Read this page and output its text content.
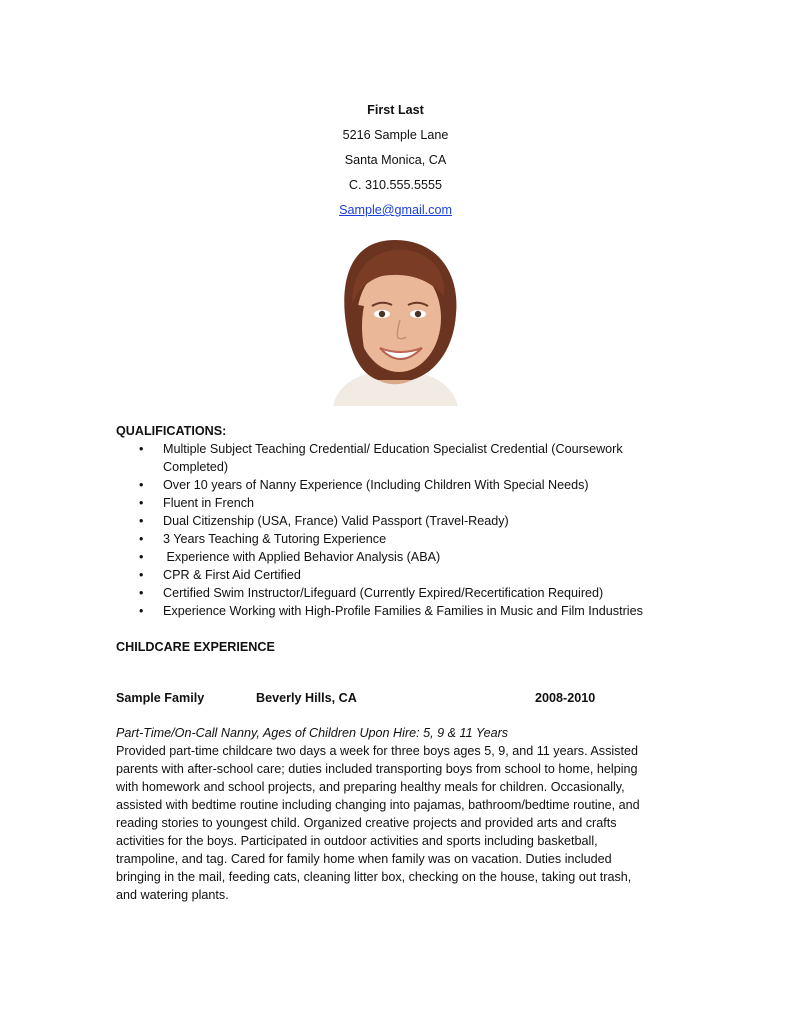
First Last
5216 Sample Lane
Santa Monica, CA
C. 310.555.5555
Sample@gmail.com
QUALIFICATIONS:
• Multiple Subject Teaching Credential/ Education Specialist Credential (Coursework
Completed)
• Over 10 years of Nanny Experience (Including Children With Special Needs)
• Fluent in French
• Dual Citizenship (USA, France) Valid Passport (Travel-Ready)
• 3 Years Teaching & Tutoring Experience
• Experience with Applied Behavior Analysis (ABA)
• CPR & First Aid Certified
• Certified Swim Instructor/Lifeguard (Currently Expired/Recertification Required)
• Experience Working with High-Profile Families & Families in Music and Film Industries
CHILDCARE EXPERIENCE
Sample Family	Beverly Hills, CA	2008-2010
Part-Time/On-Call Nanny, Ages of Children Upon Hire: 5, 9 & 11 Years
Provided part-time childcare two days a week for three boys ages 5, 9, and 11 years. Assisted
parents with after-school care; duties included transporting boys from school to home, helping
with homework and school projects, and preparing healthy meals for children. Occasionally,
assisted with bedtime routine including changing into pajamas, bathroom/bedtime routine, and
reading stories to youngest child. Organized creative projects and provided arts and crafts
activities for the boys. Participated in outdoor activities and sports including basketball,
trampoline, and tag. Cared for family home when family was on vacation. Duties included
bringing in the mail, feeding cats, cleaning litter box, checking on the house, taking out trash,
and watering plants.
